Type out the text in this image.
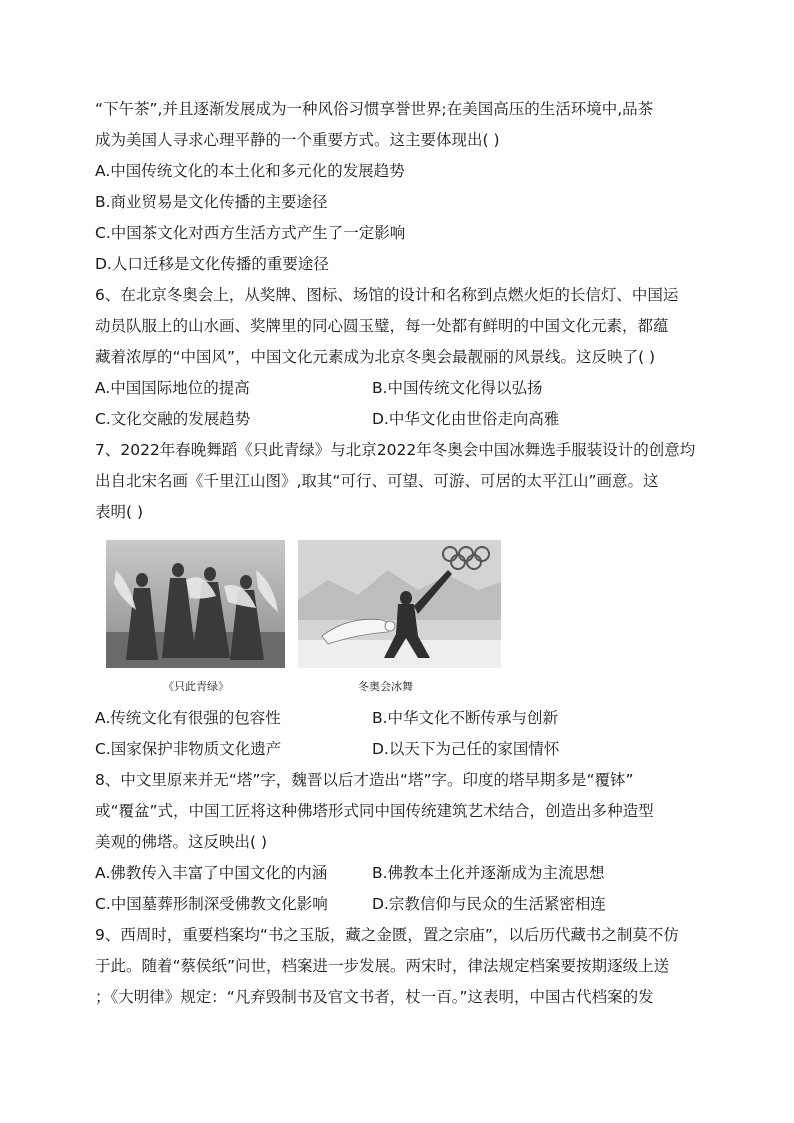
“下午茶”,并且逐渐发展成为一种风俗习惯享誉世界;在美国高压的生活环境中,品茶
成为美国人寻求心理平静的一个重要方式。这主要体现出( )
A.中国传统文化的本土化和多元化的发展趋势
B.商业贸易是文化传播的主要途径
C.中国茶文化对西方生活方式产生了一定影响
D.人口迁移是文化传播的重要途径
6、在北京冬奥会上，从奖牌、图标、场馆的设计和名称到点燃火炬的长信灯、中国运
动员队服上的山水画、奖牌里的同心圆玉璧，每一处都有鲜明的中国文化元素，都蕴
藏着浓厚的“中国风”，中国文化元素成为北京冬奥会最靓丽的风景线。这反映了( )
A.中国国际地位的提高	B.中国传统文化得以弘扬
C.文化交融的发展趋势	D.中华文化由世俗走向高雅
7、2022年春晚舞蹈《只此青绿》与北京2022年冬奥会中国冰舞选手服装设计的创意均
出自北宋名画《千里江山图》,取其“可行、可望、可游、可居的太平江山”画意。这
表明( )
《只此青绿》	冬奥会冰舞
A.传统文化有很强的包容性	B.中华文化不断传承与创新
C.国家保护非物质文化遗产	D.以天下为己任的家国情怀
8、中文里原来并无“塔”字，魏晋以后才造出“塔”字。印度的塔早期多是“覆钵”
或“覆盆”式，中国工匠将这种佛塔形式同中国传统建筑艺术结合，创造出多种造型
美观的佛塔。这反映出( )
A.佛教传入丰富了中国文化的内涵	B.佛教本土化并逐渐成为主流思想
C.中国墓葬形制深受佛教文化影响	D.宗教信仰与民众的生活紧密相连
9、西周时，重要档案均“书之玉版，藏之金匮，置之宗庙”，以后历代藏书之制莫不仿
于此。随着“蔡侯纸”问世，档案进一步发展。两宋时，律法规定档案要按期逐级上送
；《大明律》规定：“凡弃毁制书及官文书者，杖一百。”这表明，中国古代档案的发
